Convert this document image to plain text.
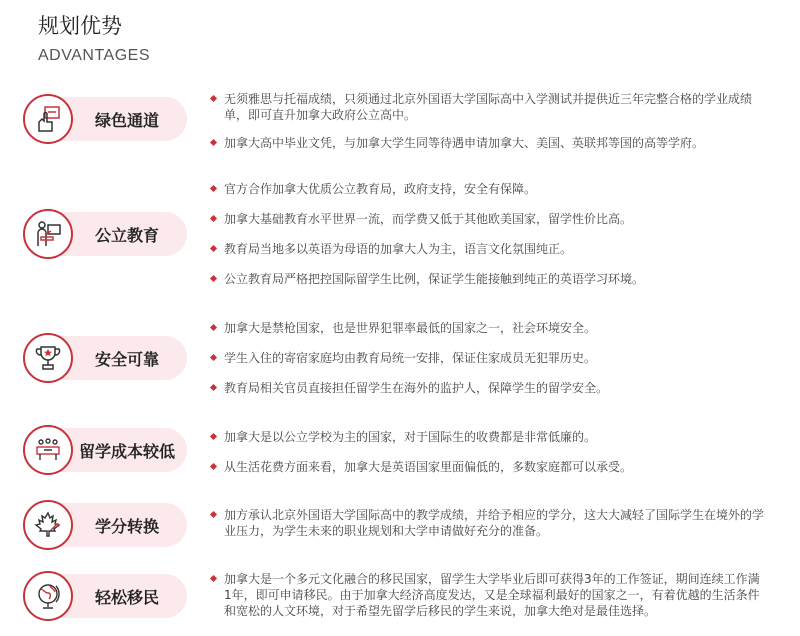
规划优势
ADVANTAGES
绿色通道
无须雅思与托福成绩，只须通过北京外国语大学国际高中入学测试并提供近三年完整合格的学业成绩单，即可直升加拿大政府公立高中。
加拿大高中毕业文凭，与加拿大学生同等待遇申请加拿大、美国、英联邦等国的高等学府。
公立教育
官方合作加拿大优质公立教育局，政府支持，安全有保障。
加拿大基础教育水平世界一流，而学费又低于其他欧美国家，留学性价比高。
教育局当地多以英语为母语的加拿大人为主，语言文化氛围纯正。
公立教育局严格把控国际留学生比例，保证学生能接触到纯正的英语学习环境。
安全可靠
加拿大是禁枪国家，也是世界犯罪率最低的国家之一，社会环境安全。
学生入住的寄宿家庭均由教育局统一安排，保证住家成员无犯罪历史。
教育局相关官员直接担任留学生在海外的监护人，保障学生的留学安全。
留学成本较低
加拿大是以公立学校为主的国家，对于国际生的收费都是非常低廉的。
从生活花费方面来看，加拿大是英语国家里面偏低的，多数家庭都可以承受。
学分转换
加方承认北京外国语大学国际高中的教学成绩，并给予相应的学分，这大大减轻了国际学生在境外的学业压力，为学生未来的职业规划和大学申请做好充分的准备。
轻松移民
加拿大是一个多元文化融合的移民国家，留学生大学毕业后即可获得3年的工作签证，期间连续工作满1年，即可申请移民。由于加拿大经济高度发达，又是全球福利最好的国家之一，有着优越的生活条件和宽松的人文环境，对于希望先留学后移民的学生来说，加拿大绝对是最佳选择。
